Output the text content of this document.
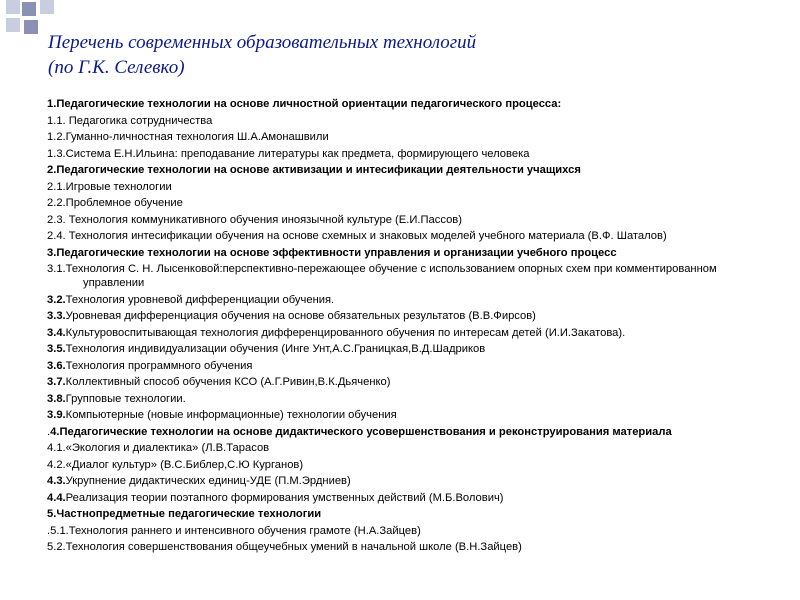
Перечень современных образовательных технологий
(по Г.К. Селевко)
1.Педагогические технологии на основе личностной ориентации педагогического процесса:
1.1. Педагогика сотрудничества
1.2.Гуманно-личностная технология Ш.А.Амонашвили
1.3.Система Е.Н.Ильина: преподавание литературы как предмета, формирующего человека
2.Педагогические технологии на основе активизации и интесификации деятельности учащихся
2.1.Игровые технологии
2.2.Проблемное обучение
2.3. Технология коммуникативного обучения иноязычной культуре (Е.И.Пассов)
2.4. Технология интесификации обучения на основе схемных и знаковых моделей учебного материала (В.Ф. Шаталов)
3.Педагогические технологии на основе эффективности управления и организации учебного процесс
3.1.Технология С. Н. Лысенковой:перспективно-пережающее обучение с использованием опорных схем при комментированном управлении
3.2.Технология уровневой дифференциации обучения.
3.3.Уровневая дифференциация обучения на основе обязательных результатов (В.В.Фирсов)
3.4.Культуровоспитывающая технология дифференцированного обучения по интересам детей (И.И.Закатова).
3.5.Технология индивидуализации обучения (Инге Унт,А.С.Границкая,В.Д.Шадриков
3.6.Технология программного обучения
3.7.Коллективный способ обучения КСО (А.Г.Ривин,В.К.Дьяченко)
3.8.Групповые технологии.
3.9.Компьютерные (новые информационные) технологии обучения
.4.Педагогические технологии на основе дидактического усовершенствования и реконструирования материала
4.1.«Экология и диалектика» (Л.В.Тарасов
4.2.«Диалог культур» (В.С.Библер,С.Ю Курганов)
4.3.Укрупнение дидактических единиц-УДЕ (П.М.Эрдниев)
4.4.Реализация теории поэтапного формирования умственных действий (М.Б.Волович)
5.Частнопредметные педагогические технологии
.5.1.Технология раннего и интенсивного обучения грамоте (Н.А.Зайцев)
5.2.Технология совершенствования общеучебных умений в начальной школе (В.Н.Зайцев)
